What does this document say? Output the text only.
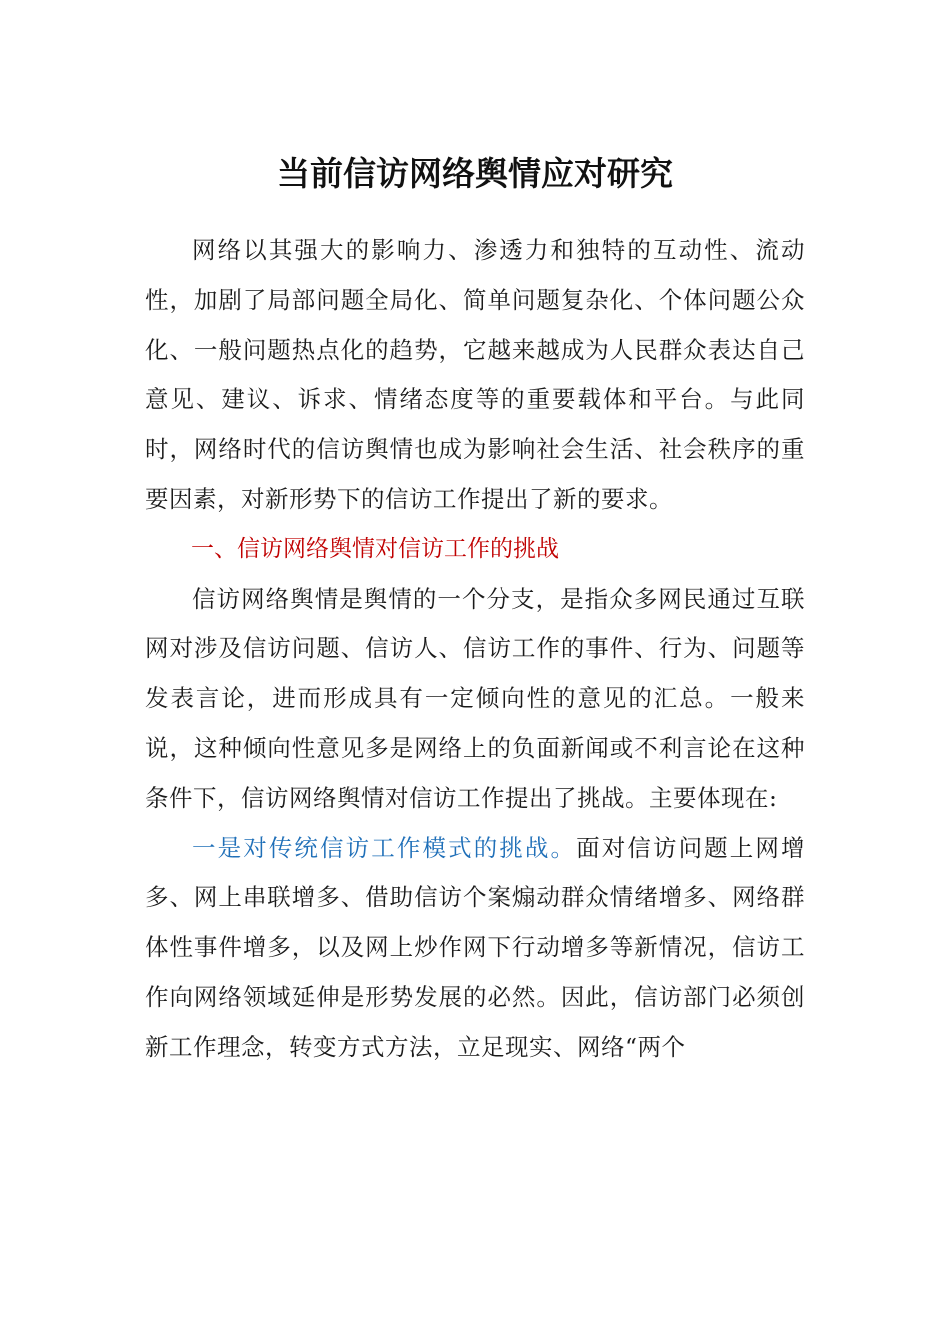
当前信访网络舆情应对研究

网络以其强大的影响力、渗透力和独特的互动性、流动性，加剧了局部问题全局化、简单问题复杂化、个体问题公众化、一般问题热点化的趋势，它越来越成为人民群众表达自己意见、建议、诉求、情绪态度等的重要载体和平台。与此同时，网络时代的信访舆情也成为影响社会生活、社会秩序的重要因素，对新形势下的信访工作提出了新的要求。

一、信访网络舆情对信访工作的挑战

信访网络舆情是舆情的一个分支，是指众多网民通过互联网对涉及信访问题、信访人、信访工作的事件、行为、问题等发表言论，进而形成具有一定倾向性的意见的汇总。一般来说，这种倾向性意见多是网络上的负面新闻或不利言论在这种条件下，信访网络舆情对信访工作提出了挑战。主要体现在:

一是对传统信访工作模式的挑战。面对信访问题上网增多、网上串联增多、借助信访个案煽动群众情绪增多、网络群体性事件增多，以及网上炒作网下行动增多等新情况，信访工作向网络领域延伸是形势发展的必然。因此，信访部门必须创新工作理念，转变方式方法，立足现实、网络“两个
